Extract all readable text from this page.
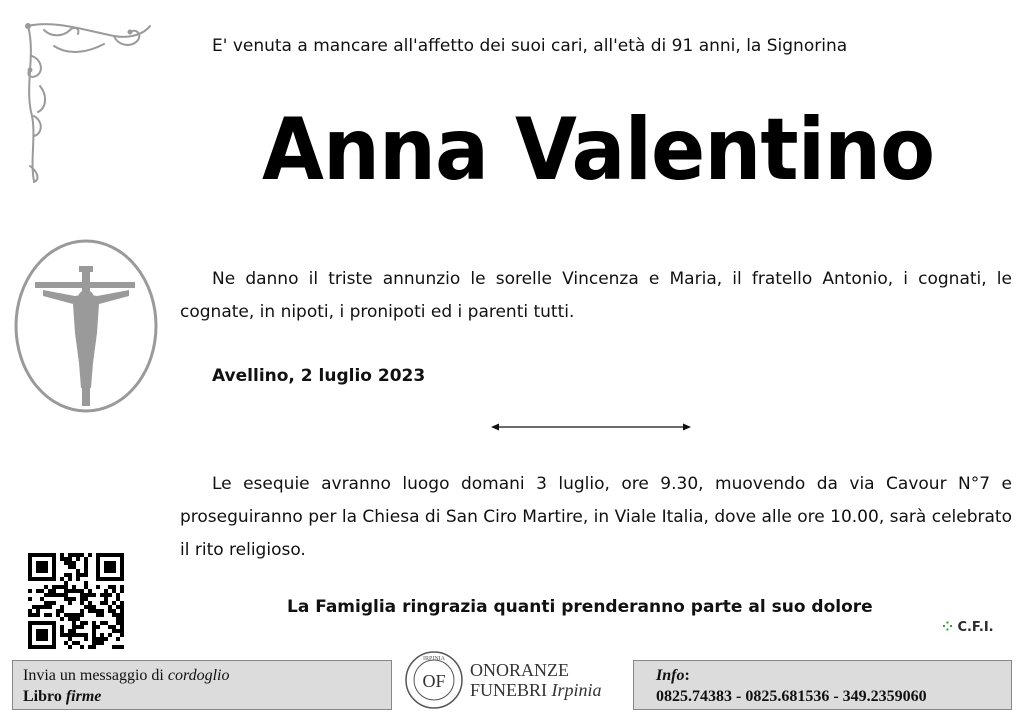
E' venuta a mancare all'affetto dei suoi cari, all'età di 91 anni, la Signorina
Anna Valentino
Ne danno il triste annunzio le sorelle Vincenza e Maria, il fratello Antonio, i cognati, le cognate, in nipoti, i pronipoti ed i parenti tutti.
Avellino, 2 luglio 2023
Le esequie avranno luogo domani 3 luglio, ore 9.30, muovendo da via Cavour N°7 e proseguiranno per la Chiesa di San Ciro Martire, in Viale Italia, dove alle ore 10.00, sarà celebrato il rito religioso.
La Famiglia ringrazia quanti prenderanno parte al suo dolore
⁘ C.F.I.
Invia un messaggio di cordoglio
Libro firme
IRPINIA
OF
ONORANZE
FUNEBRI Irpinia
Info:
0825.74383 - 0825.681536 - 349.2359060
